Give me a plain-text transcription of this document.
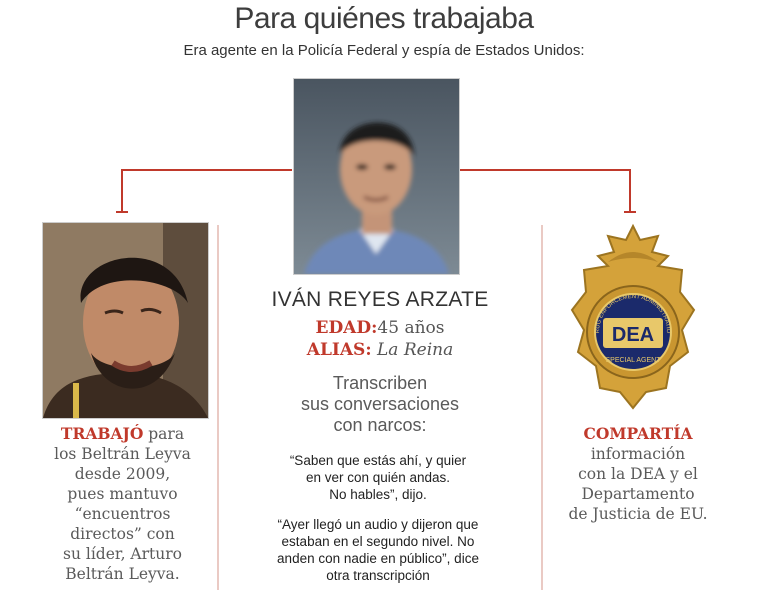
Para quiénes trabajaba
Era agente en la Policía Federal y espía de Estados Unidos:
DEA
RUG ENFORCEMENT ADMINISTRATIO
SPECIAL AGENT
IVÁN REYES ARZATE
EDAD:45 años
ALIAS: La Reina
Transcriben
sus conversaciones
con narcos:
“Saben que estás ahí, y quier
en ver con quién andas.
No hables”, dijo.
“Ayer llegó un audio y dijeron que
estaban en el segundo nivel. No
anden con nadie en público”, dice
otra transcripción
TRABAJÓ para
los Beltrán Leyva
desde 2009,
pues mantuvo
“encuentros
directos” con
su líder, Arturo
Beltrán Leyva.
COMPARTÍA
información
con la DEA y el
Departamento
de Justicia de EU.
